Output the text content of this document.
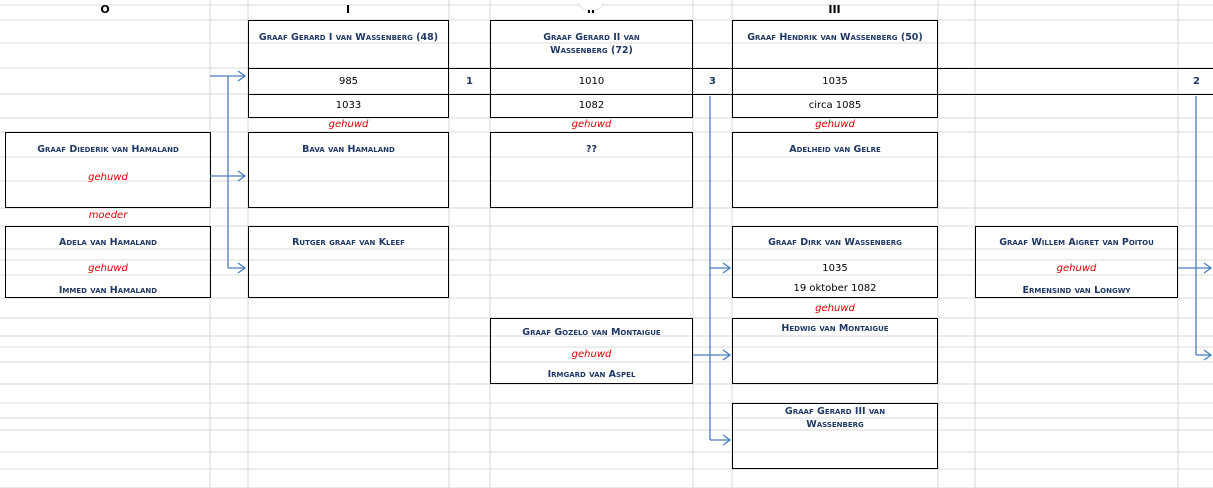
O	I	III
Graaf Gerard I van Wassenberg (48)
985
1033
Graaf Gerard II van Wassenberg (72)
1010
1082
Graaf Hendrik van Wassenberg (50)
1035
circa 1085
1	3	2
gehuwd	gehuwd	gehuwd
Graaf Diederik van Hamaland
gehuwd
Bava van Hamaland	??	Adelheid van Gelre
moeder
Adela van Hamaland
gehuwd
Immed van Hamaland
Rutger graaf van Kleef	Graaf Dirk van Wassenberg
1035
19 oktober 1082
Graaf Willem Aigret van Poitou
gehuwd
Ermensind van Longwy
gehuwd
Graaf Gozelo van Montaigue
gehuwd
Irmgard van Aspel
Hedwig van Montaigue
Graaf Gerard III van Wassenberg
